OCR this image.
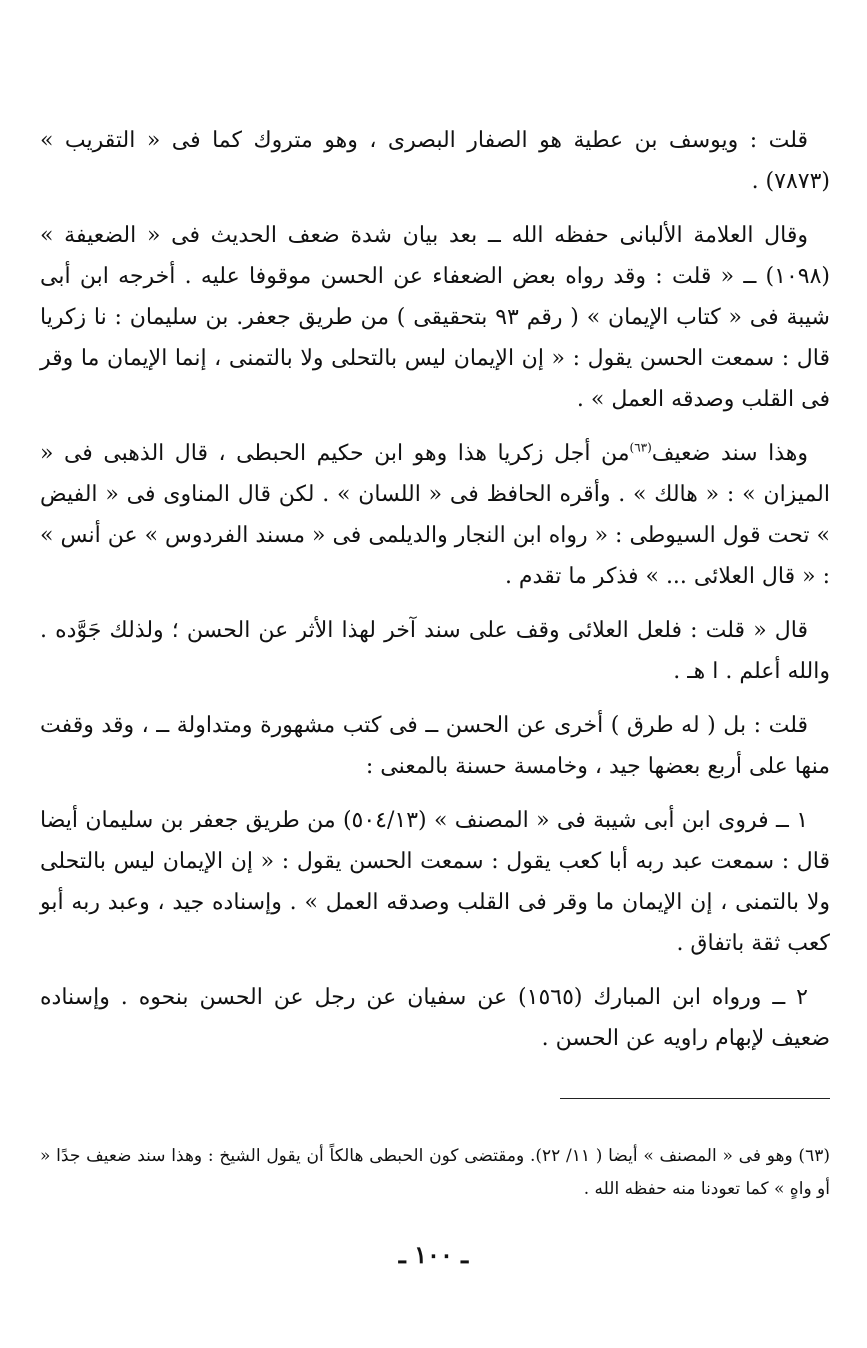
قلت : ويوسف بن عطية هو الصفار البصرى ، وهو متروك كما فى « التقريب » (٧٨٧٣) .

وقال العلامة الألبانى حفظه الله ــ بعد بيان شدة ضعف الحديث فى « الضعيفة » (١٠٩٨) ــ « قلت : وقد رواه بعض الضعفاء عن الحسن موقوفا عليه . أخرجه ابن أبى شيبة فى « كتاب الإيمان » ( رقم ٩٣ بتحقيقى ) من طريق جعفر. بن سليمان : نا زكريا قال : سمعت الحسن يقول : « إن الإيمان ليس بالتحلى ولا بالتمنى ، إنما الإيمان ما وقر فى القلب وصدقه العمل » .

وهذا سند ضعيف$^{(٦٣)}$من أجل زكريا هذا وهو ابن حكيم الحبطى ، قال الذهبى فى « الميزان » : « هالك » . وأقره الحافظ فى « اللسان » . لكن قال المناوى فى « الفيض » تحت قول السيوطى : « رواه ابن النجار والديلمى فى « مسند الفردوس » عن أنس » : « قال العلائى ... » فذكر ما تقدم .

قال « قلت : فلعل العلائى وقف على سند آخر لهذا الأثر عن الحسن ؛ ولذلك جَوَّده . والله أعلم . ا هـ .

قلت : بل ( له طرق ) أخرى عن الحسن ــ فى كتب مشهورة ومتداولة ــ ، وقد وقفت منها على أربع بعضها جيد ، وخامسة حسنة بالمعنى :

١ ــ فروى ابن أبى شيبة فى « المصنف » (٥٠٤/١٣) من طريق جعفر بن سليمان أيضا قال : سمعت عبد ربه أبا كعب يقول : سمعت الحسن يقول : « إن الإيمان ليس بالتحلى ولا بالتمنى ، إن الإيمان ما وقر فى القلب وصدقه العمل » . وإسناده جيد ، وعبد ربه أبو كعب ثقة باتفاق .

٢ ــ ورواه ابن المبارك (١٥٦٥) عن سفيان عن رجل عن الحسن بنحوه . وإسناده ضعيف لإبهام راويه عن الحسن .

(٦٣) وهو فى « المصنف » أيضا ( ١١/ ٢٢). ومقتضى كون الحبطى هالكاً أن يقول الشيخ : وهذا سند ضعيف جدًا « أو واهٍ » كما تعودنا منه حفظه الله .
ـ ١٠٠ ـ
